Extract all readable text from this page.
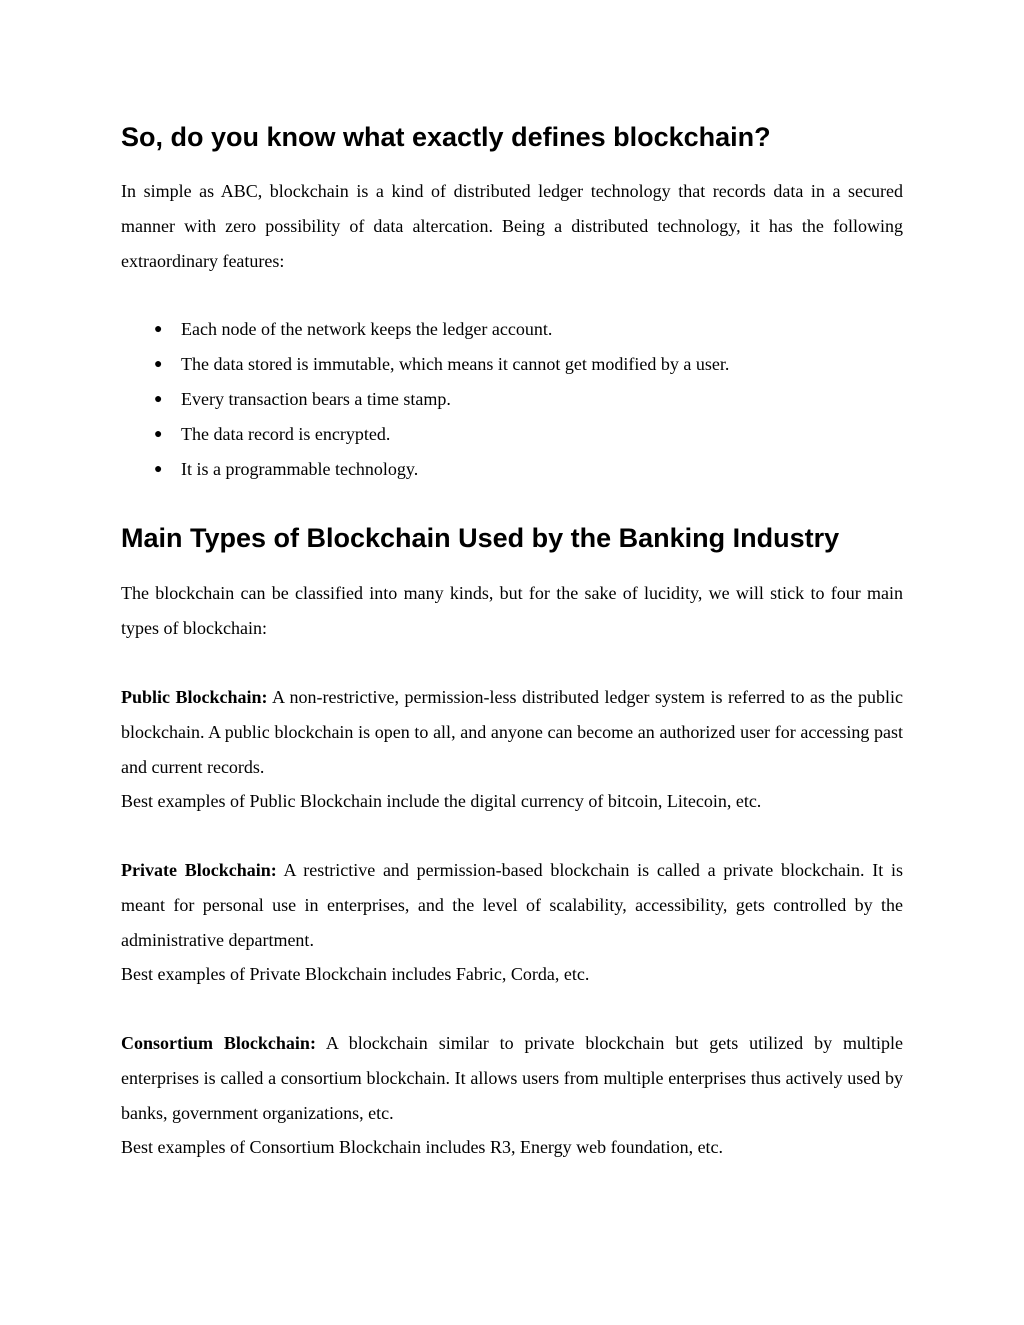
So, do you know what exactly defines blockchain?

In simple as ABC, blockchain is a kind of distributed ledger technology that records data in a secured manner with zero possibility of data altercation. Being a distributed technology, it has the following extraordinary features:

● Each node of the network keeps the ledger account.
● The data stored is immutable, which means it cannot get modified by a user.
● Every transaction bears a time stamp.
● The data record is encrypted.
● It is a programmable technology.
Main Types of Blockchain Used by the Banking Industry

The blockchain can be classified into many kinds, but for the sake of lucidity, we will stick to four main types of blockchain:

Public Blockchain: A non-restrictive, permission-less distributed ledger system is referred to as the public blockchain. A public blockchain is open to all, and anyone can become an authorized user for accessing past and current records.

Best examples of Public Blockchain include the digital currency of bitcoin, Litecoin, etc.

Private Blockchain: A restrictive and permission-based blockchain is called a private blockchain. It is meant for personal use in enterprises, and the level of scalability, accessibility, gets controlled by the administrative department.

Best examples of Private Blockchain includes Fabric, Corda, etc.

Consortium Blockchain: A blockchain similar to private blockchain but gets utilized by multiple enterprises is called a consortium blockchain. It allows users from multiple enterprises thus actively used by banks, government organizations, etc.

Best examples of Consortium Blockchain includes R3, Energy web foundation, etc.
